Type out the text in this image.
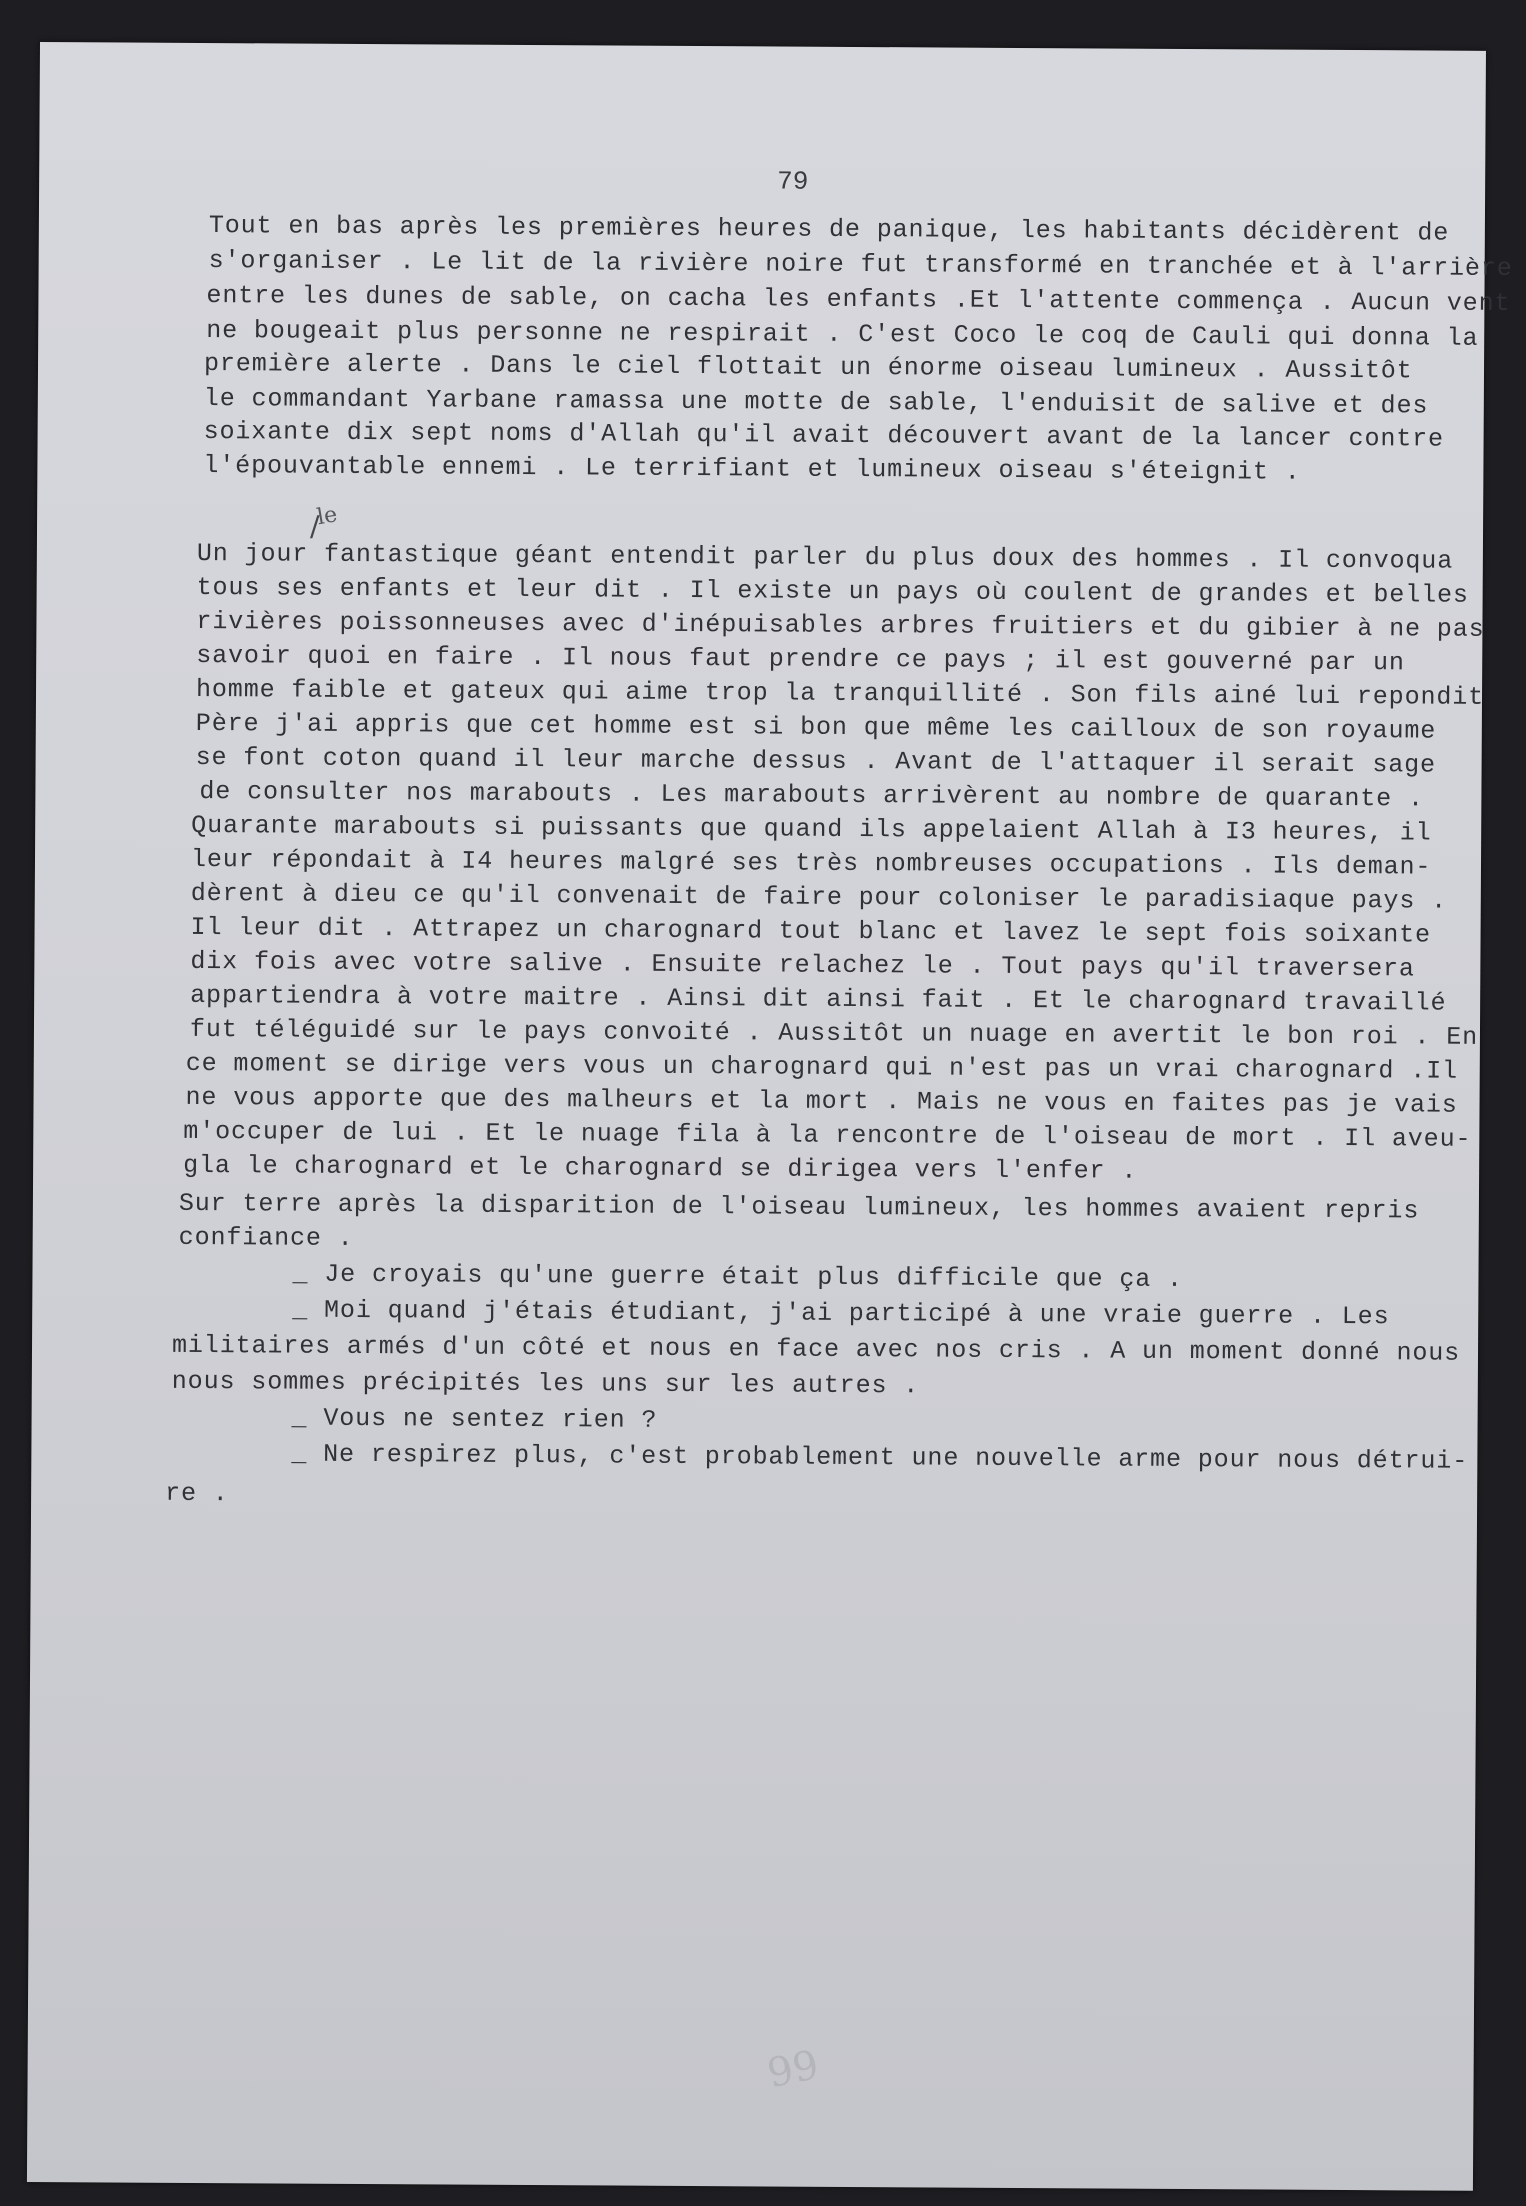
79
Tout en bas après les premières heures de panique, les habitants décidèrent de
s'organiser . Le lit de la rivière noire fut transformé en tranchée et à l'arrière
entre les dunes de sable, on cacha les enfants .Et l'attente commença . Aucun vent
ne bougeait plus personne ne respirait . C'est Coco le coq de Cauli qui donna la
première alerte . Dans le ciel flottait un énorme oiseau lumineux . Aussitôt
le commandant Yarbane ramassa une motte de sable, l'enduisit de salive et des
soixante dix sept noms d'Allah qu'il avait découvert avant de la lancer contre
l'épouvantable ennemi . Le terrifiant et lumineux oiseau s'éteignit .
/
le
Un jour fantastique géant entendit parler du plus doux des hommes . Il convoqua
tous ses enfants et leur dit . Il existe un pays où coulent de grandes et belles
rivières poissonneuses avec d'inépuisables arbres fruitiers et du gibier à ne pas
savoir quoi en faire . Il nous faut prendre ce pays ; il est gouverné par un
homme faible et gateux qui aime trop la tranquillité . Son fils ainé lui repondit
Père j'ai appris que cet homme est si bon que même les cailloux de son royaume
se font coton quand il leur marche dessus . Avant de l'attaquer il serait sage
de consulter nos marabouts . Les marabouts arrivèrent au nombre de quarante .
Quarante marabouts si puissants que quand ils appelaient Allah à I3 heures, il
leur répondait à I4 heures malgré ses très nombreuses occupations . Ils deman-
dèrent à dieu ce qu'il convenait de faire pour coloniser le paradisiaque pays .
Il leur dit . Attrapez un charognard tout blanc et lavez le sept fois soixante
dix fois avec votre salive . Ensuite relachez le . Tout pays qu'il traversera
appartiendra à votre maitre . Ainsi dit ainsi fait . Et le charognard travaillé
fut téléguidé sur le pays convoité . Aussitôt un nuage en avertit le bon roi . En
ce moment se dirige vers vous un charognard qui n'est pas un vrai charognard .Il
ne vous apporte que des malheurs et la mort . Mais ne vous en faites pas je vais
m'occuper de lui . Et le nuage fila à la rencontre de l'oiseau de mort . Il aveu-
gla le charognard et le charognard se dirigea vers l'enfer .
Sur terre après la disparition de l'oiseau lumineux, les hommes avaient repris
confiance .
_ Je croyais qu'une guerre était plus difficile que ça .
_ Moi quand j'étais étudiant, j'ai participé à une vraie guerre . Les
militaires armés d'un côté et nous en face avec nos cris . A un moment donné nous
nous sommes précipités les uns sur les autres .
_ Vous ne sentez rien ?
_ Ne respirez plus, c'est probablement une nouvelle arme pour nous détrui-
re .
99
